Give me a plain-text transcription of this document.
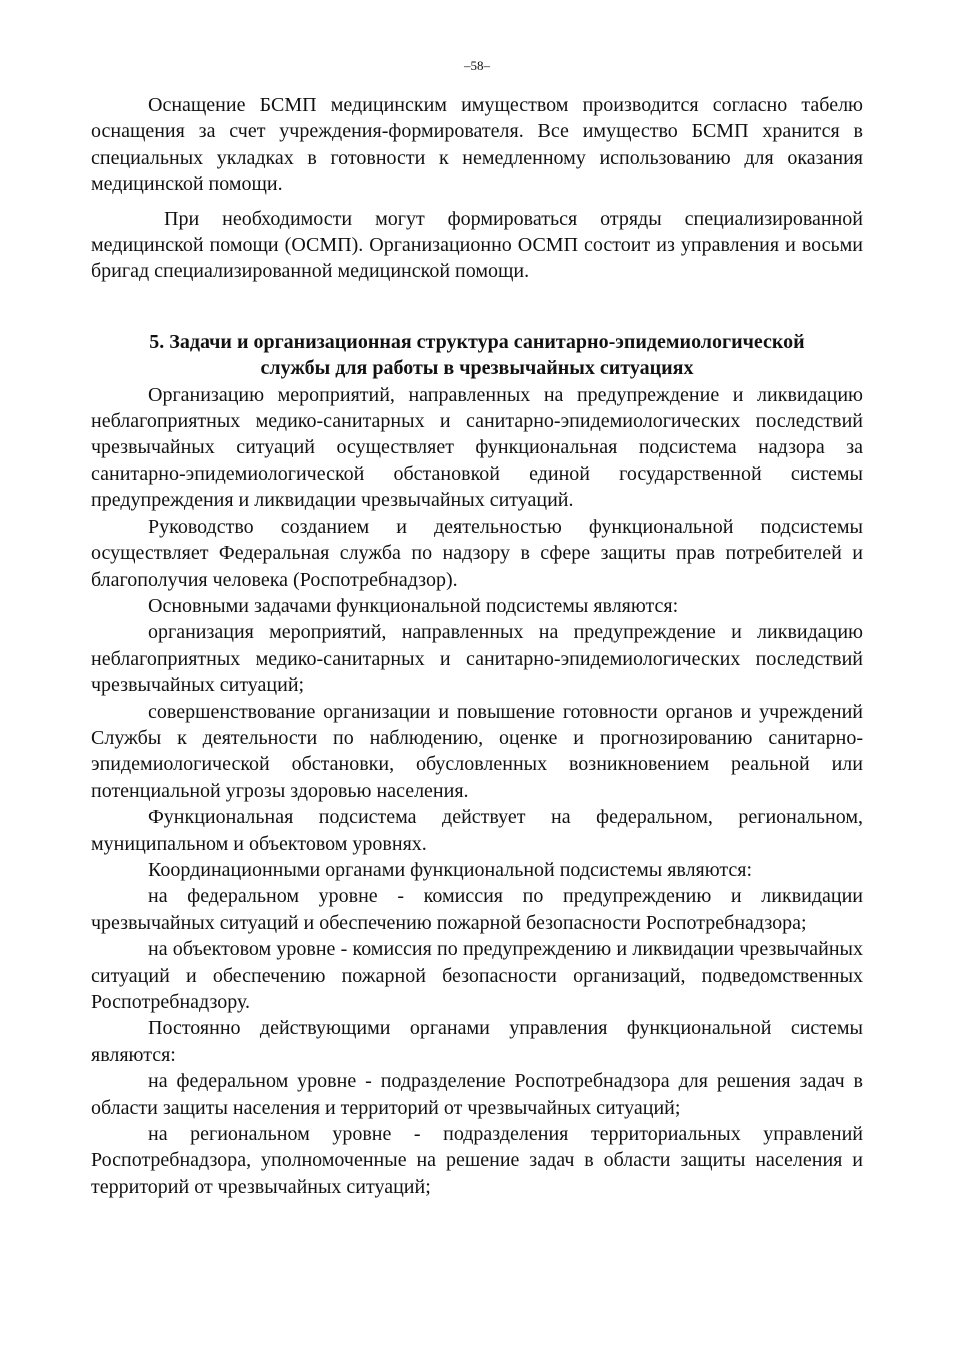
–58–

Оснащение БСМП медицинским имуществом производится согласно табелю оснащения за счет учреждения-формирователя. Все имущество БСМП хранится в специальных укладках в готовности к немедленному использованию для оказания медицинской помощи.

При необходимости могут формироваться отряды специализированной медицинской помощи (ОСМП). Организационно ОСМП состоит из управления и восьми бригад специализированной медицинской помощи.

5. Задачи и организационная структура санитарно-эпидемиологической

службы для работы в чрезвычайных ситуациях

Организацию мероприятий, направленных на предупреждение и ликвидацию неблагоприятных медико-санитарных и санитарно-эпидемиологических последствий чрезвычайных ситуаций осуществляет функциональная подсистема надзора за санитарно-эпидемиологической обстановкой единой государственной системы предупреждения и ликвидации чрезвычайных ситуаций.

Руководство созданием и деятельностью функциональной подсистемы осуществляет Федеральная служба по надзору в сфере защиты прав потребителей и благополучия человека (Роспотребнадзор).

Основными задачами функциональной подсистемы являются:

организация мероприятий, направленных на предупреждение и ликвидацию неблагоприятных медико-санитарных и санитарно-эпидемиологических последствий чрезвычайных ситуаций;

совершенствование организации и повышение готовности органов и учреждений Службы к деятельности по наблюдению, оценке и прогнозированию санитарно-эпидемиологической обстановки, обусловленных возникновением реальной или потенциальной угрозы здоровью населения.

Функциональная подсистема действует на федеральном, региональном, муниципальном и объектовом уровнях.

Координационными органами функциональной подсистемы являются:

на федеральном уровне - комиссия по предупреждению и ликвидации чрезвычайных ситуаций и обеспечению пожарной безопасности Роспотребнадзора;

на объектовом уровне - комиссия по предупреждению и ликвидации чрезвычайных ситуаций и обеспечению пожарной безопасности организаций, подведомственных Роспотребнадзору.

Постоянно действующими органами управления функциональной системы являются:

на федеральном уровне - подразделение Роспотребнадзора для решения задач в области защиты населения и территорий от чрезвычайных ситуаций;

на региональном уровне - подразделения территориальных управлений Роспотребнадзора, уполномоченные на решение задач в области защиты населения и территорий от чрезвычайных ситуаций;
